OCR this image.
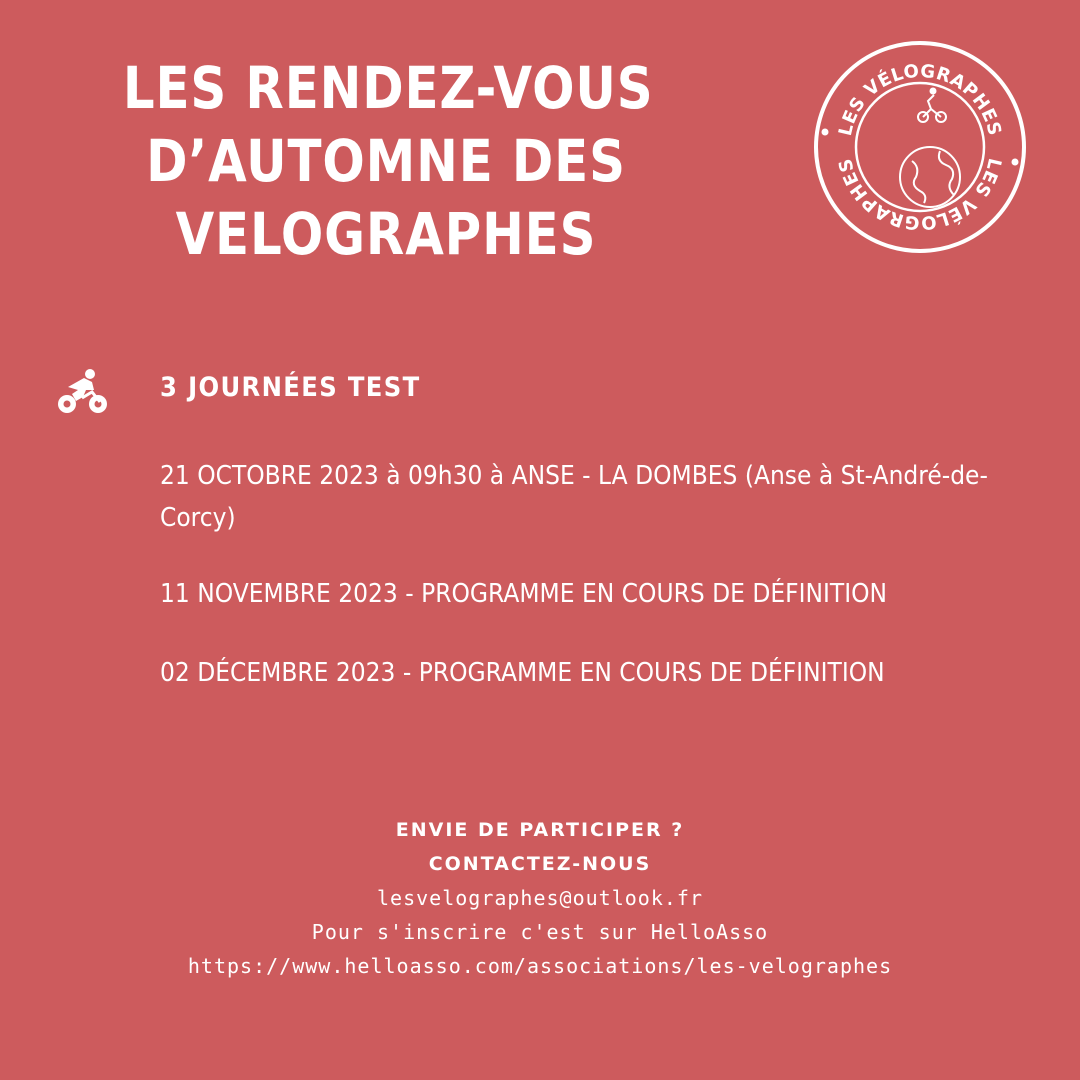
LES RENDEZ-VOUS
D’AUTOMNE DES
VELOGRAPHES
LES VÉLOGRAPHES
LES VÉLOGRAPHES
3 JOURNÉES TEST

21 OCTOBRE 2023 à 09h30 à ANSE - LA DOMBES (Anse à St-André-de-Corcy)

11 NOVEMBRE 2023 - PROGRAMME EN COURS DE DÉFINITION

02 DÉCEMBRE 2023 - PROGRAMME EN COURS DE DÉFINITION

ENVIE DE PARTICIPER ?
CONTACTEZ-NOUS
lesvelographes@outlook.fr
Pour s'inscrire c'est sur HelloAsso
https://www.helloasso.com/associations/les-velographes
